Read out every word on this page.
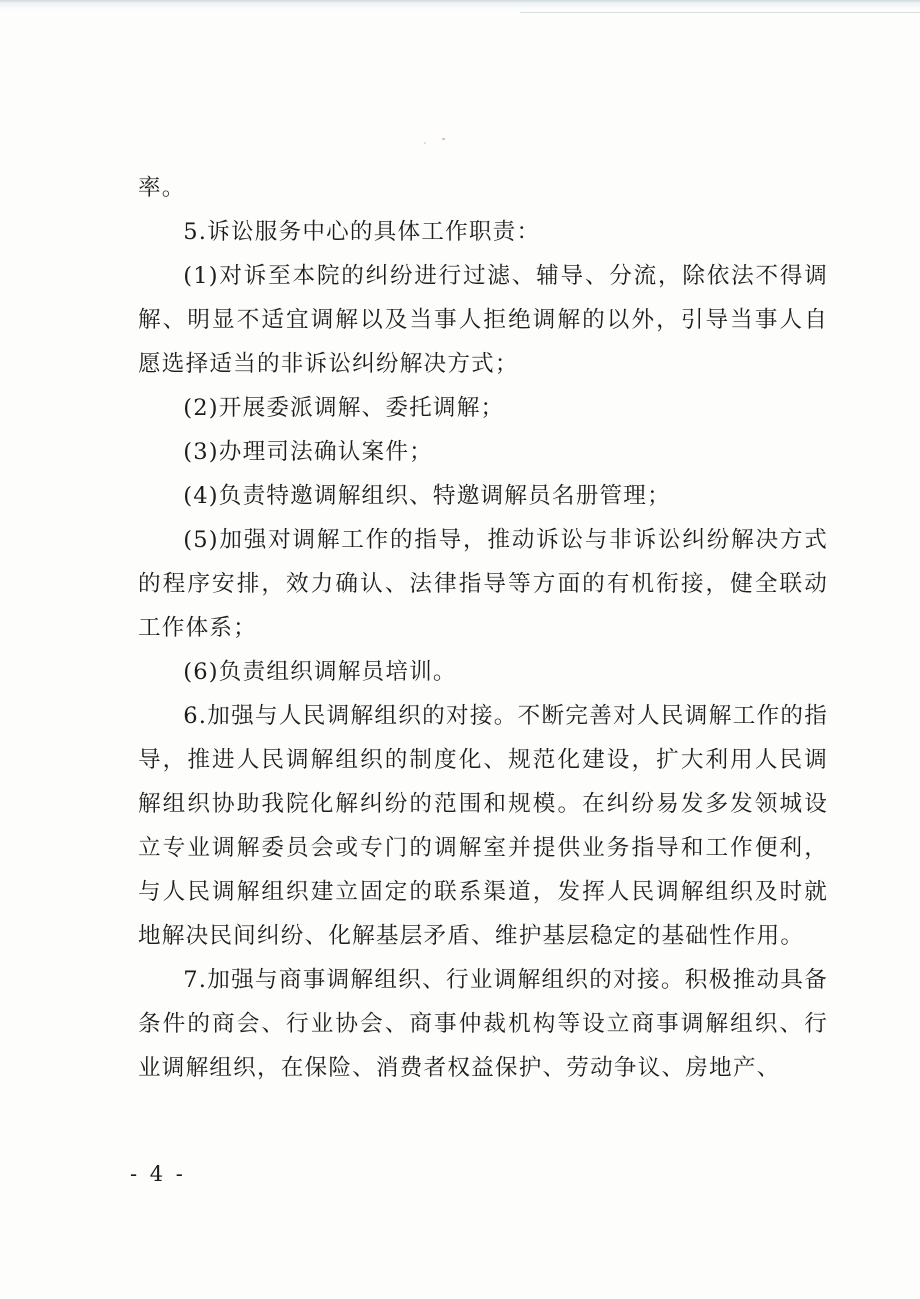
率。

5.诉讼服务中心的具体工作职责：

(1)对诉至本院的纠纷进行过滤、辅导、分流，除依法不得调解、明显不适宜调解以及当事人拒绝调解的以外，引导当事人自愿选择适当的非诉讼纠纷解决方式；

(2)开展委派调解、委托调解；

(3)办理司法确认案件；

(4)负责特邀调解组织、特邀调解员名册管理；

(5)加强对调解工作的指导，推动诉讼与非诉讼纠纷解决方式的程序安排，效力确认、法律指导等方面的有机衔接，健全联动工作体系；

(6)负责组织调解员培训。

6.加强与人民调解组织的对接。不断完善对人民调解工作的指导，推进人民调解组织的制度化、规范化建设，扩大利用人民调解组织协助我院化解纠纷的范围和规模。在纠纷易发多发领城设立专业调解委员会或专门的调解室并提供业务指导和工作便利，与人民调解组织建立固定的联系渠道，发挥人民调解组织及时就地解决民间纠纷、化解基层矛盾、维护基层稳定的基础性作用。

7.加强与商事调解组织、行业调解组织的对接。积极推动具备条件的商会、行业协会、商事仲裁机构等设立商事调解组织、行业调解组织，在保险、消费者权益保护、劳动争议、房地产、

- 4 -
